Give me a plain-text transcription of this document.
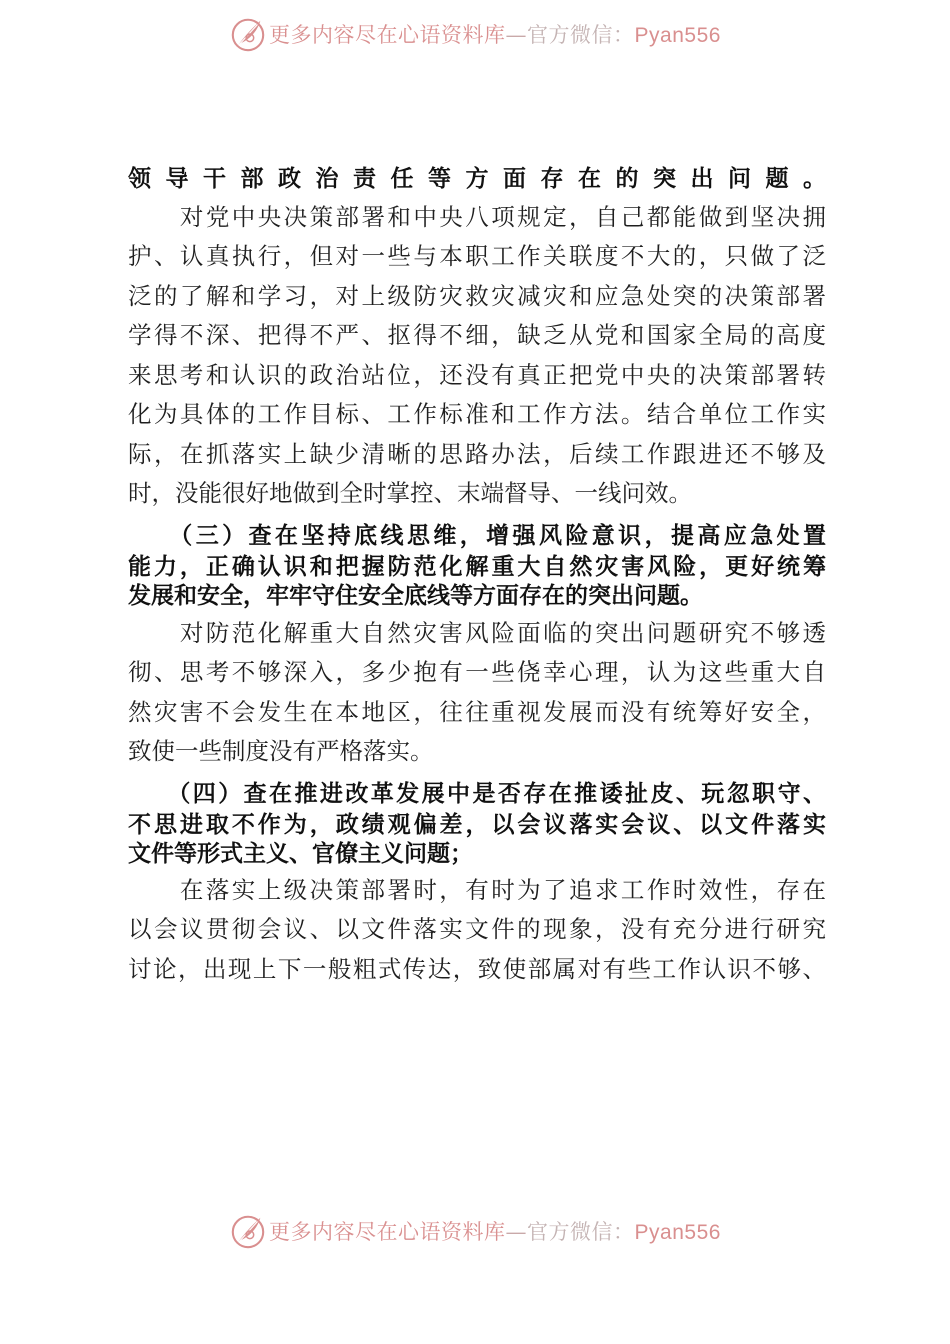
更多内容尽在心语资料库—官方微信：Pyan556
领导干部政治责任等方面存在的突出问题。
　　对党中央决策部署和中央八项规定，自己都能做到坚决拥
护、认真执行，但对一些与本职工作关联度不大的，只做了泛
泛的了解和学习，对上级防灾救灾减灾和应急处突的决策部署
学得不深、把得不严、抠得不细，缺乏从党和国家全局的高度
来思考和认识的政治站位，还没有真正把党中央的决策部署转
化为具体的工作目标、工作标准和工作方法。结合单位工作实
际，在抓落实上缺少清晰的思路办法，后续工作跟进还不够及
时，没能很好地做到全时掌控、末端督导、一线问效。
　　（三）查在坚持底线思维，增强风险意识，提高应急处置
能力，正确认识和把握防范化解重大自然灾害风险，更好统筹
发展和安全，牢牢守住安全底线等方面存在的突出问题。
　　对防范化解重大自然灾害风险面临的突出问题研究不够透
彻、思考不够深入，多少抱有一些侥幸心理，认为这些重大自
然灾害不会发生在本地区，往往重视发展而没有统筹好安全，
致使一些制度没有严格落实。
　　（四）查在推进改革发展中是否存在推诿扯皮、玩忽职守、
不思进取不作为，政绩观偏差，以会议落实会议、以文件落实
文件等形式主义、官僚主义问题；
　　在落实上级决策部署时，有时为了追求工作时效性，存在
以会议贯彻会议、以文件落实文件的现象，没有充分进行研究
讨论，出现上下一般粗式传达，致使部属对有些工作认识不够、
更多内容尽在心语资料库—官方微信：Pyan556
